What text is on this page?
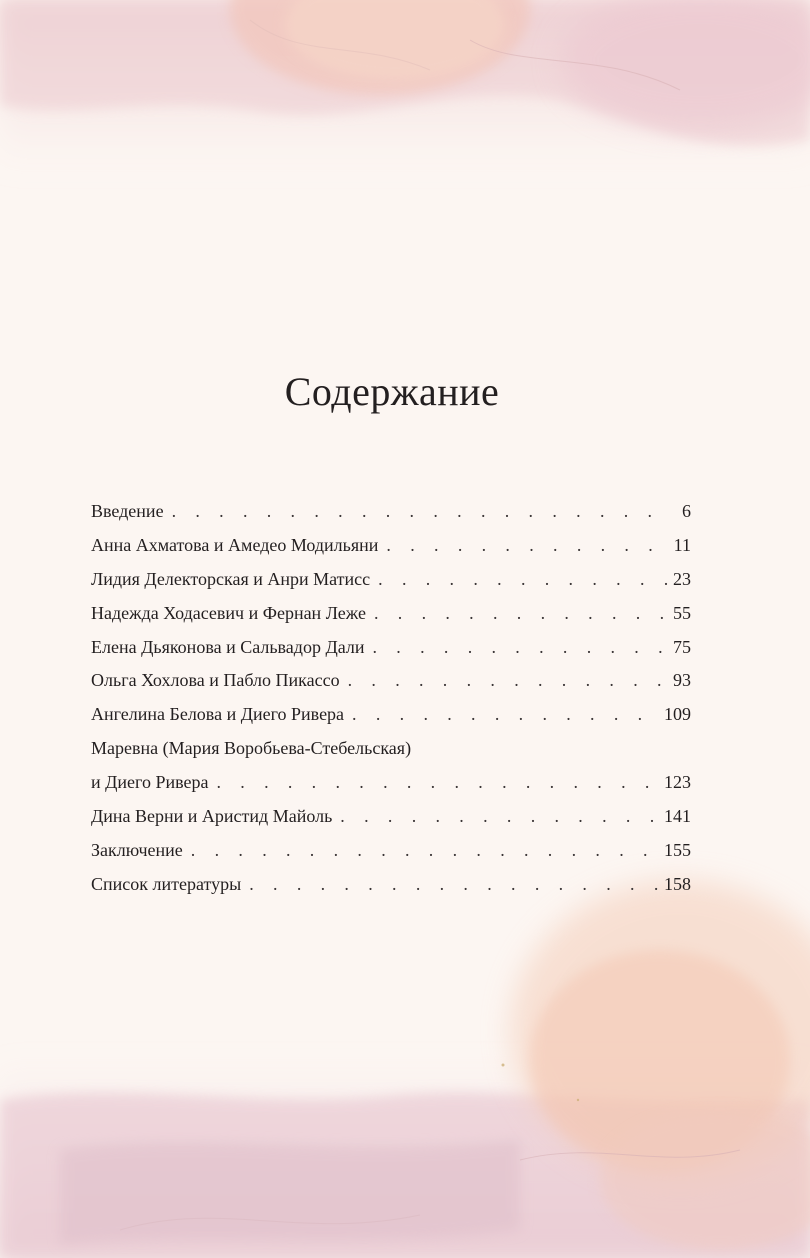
Содержание
Введение . . .	6
Анна Ахматова и Амедео Модильяни . . .	11
Лидия Делекторская и Анри Матисс . . .	23
Надежда Ходасевич и Фернан Леже . . .	55
Елена Дьяконова и Сальвадор Дали . . .	75
Ольга Хохлова и Пабло Пикассо . . .	93
Ангелина Белова и Диего Ривера . . .	109
Маревна (Мария Воробьева-Стебельская)
и Диего Ривера . . .	123
Дина Верни и Аристид Майоль . . .	141
Заключение . . .	155
Список литературы . . .	158
